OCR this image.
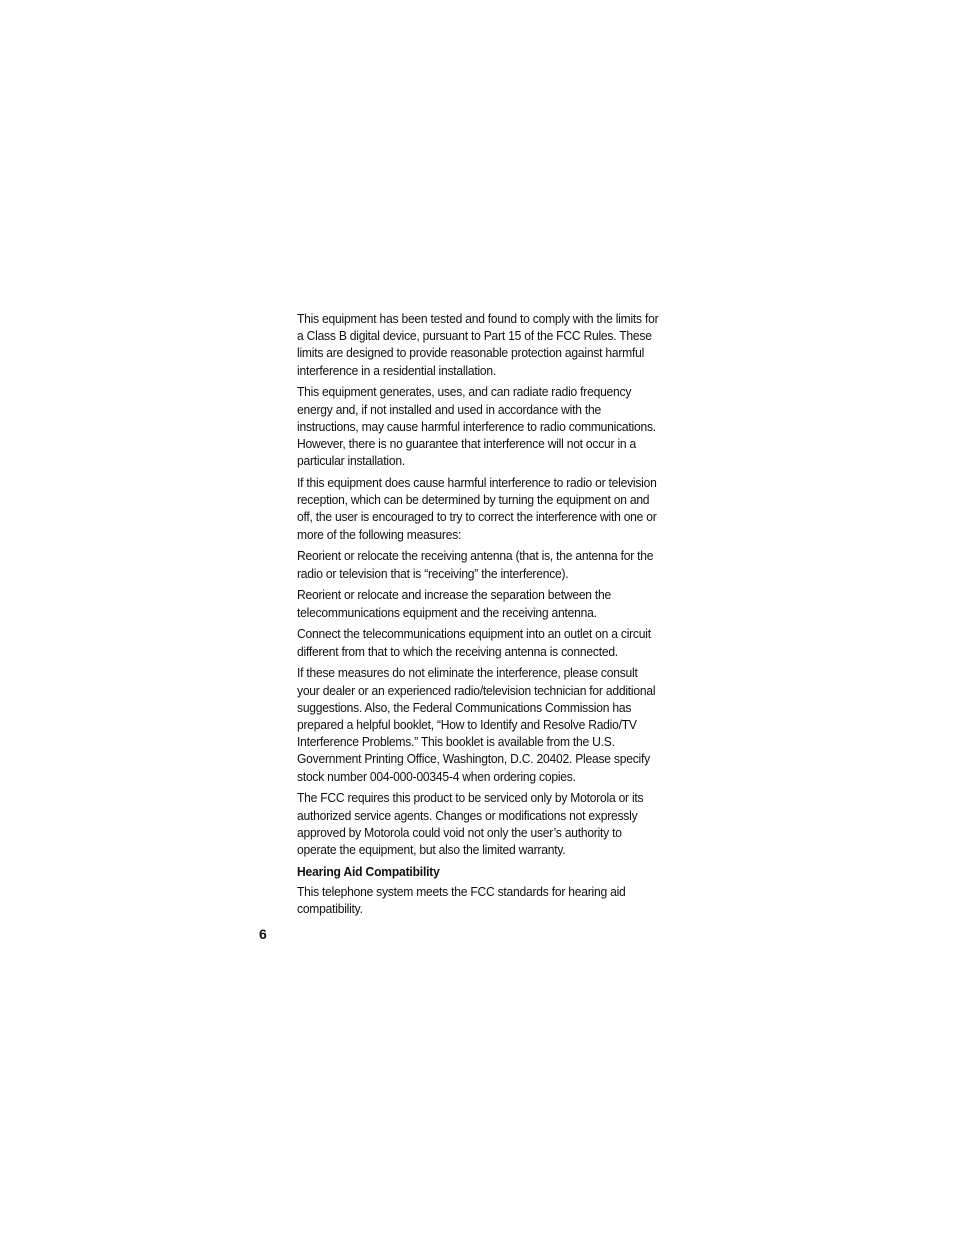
This equipment has been tested and found to comply with the limits for
a Class B digital device, pursuant to Part 15 of the FCC Rules. These
limits are designed to provide reasonable protection against harmful
interference in a residential installation.

This equipment generates, uses, and can radiate radio frequency
energy and, if not installed and used in accordance with the
instructions, may cause harmful interference to radio communications.
However, there is no guarantee that interference will not occur in a
particular installation.

If this equipment does cause harmful interference to radio or television
reception, which can be determined by turning the equipment on and
off, the user is encouraged to try to correct the interference with one or
more of the following measures:

Reorient or relocate the receiving antenna (that is, the antenna for the
radio or television that is “receiving” the interference).

Reorient or relocate and increase the separation between the
telecommunications equipment and the receiving antenna.

Connect the telecommunications equipment into an outlet on a circuit
different from that to which the receiving antenna is connected.

If these measures do not eliminate the interference, please consult
your dealer or an experienced radio/television technician for additional
suggestions. Also, the Federal Communications Commission has
prepared a helpful booklet, “How to Identify and Resolve Radio/TV
Interference Problems.” This booklet is available from the U.S.
Government Printing Office, Washington, D.C. 20402. Please specify
stock number 004-000-00345-4 when ordering copies.

The FCC requires this product to be serviced only by Motorola or its
authorized service agents. Changes or modifications not expressly
approved by Motorola could void not only the user’s authority to
operate the equipment, but also the limited warranty.

Hearing Aid Compatibility

This telephone system meets the FCC standards for hearing aid
compatibility.

6
